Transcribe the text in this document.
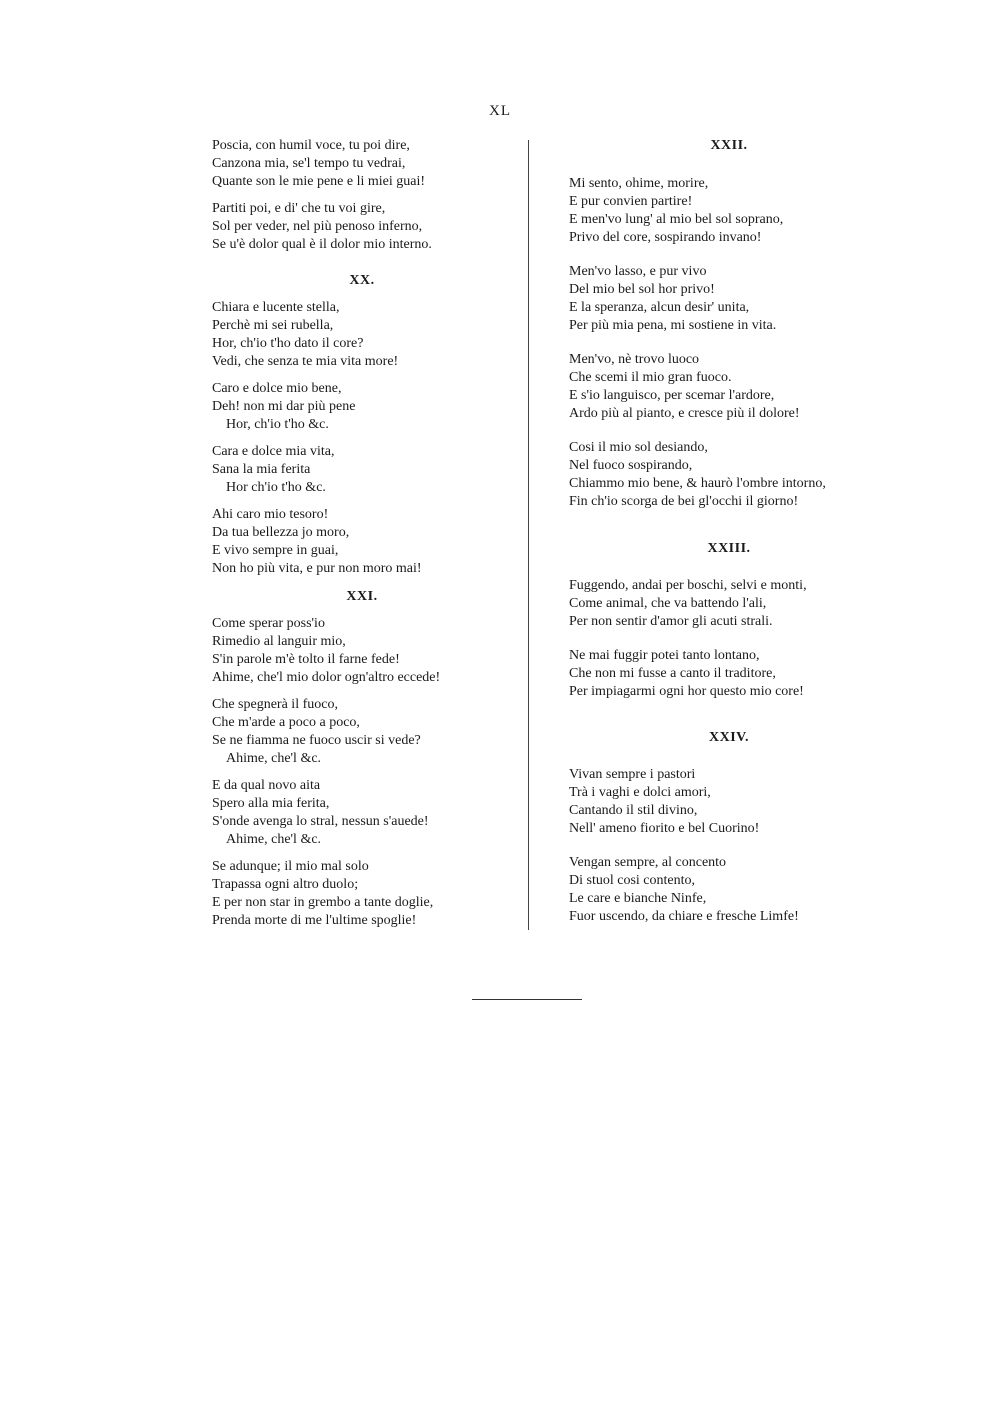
XL
Poscia, con humil voce, tu poi dire,
Canzona mia, se'l tempo tu vedrai,
Quante son le mie pene e li miei guai!
Partiti poi, e di' che tu voi gire,
Sol per veder, nel più penoso inferno,
Se u'è dolor qual è il dolor mio interno.
XX.
Chiara e lucente stella,
Perchè mi sei rubella,
Hor, ch'io t'ho dato il core?
Vedi, che senza te mia vita more!
Caro e dolce mio bene,
Deh! non mi dar più pene
Hor, ch'io t'ho &c.
Cara e dolce mia vita,
Sana la mia ferita
Hor ch'io t'ho &c.
Ahi caro mio tesoro!
Da tua bellezza jo moro,
E vivo sempre in guai,
Non ho più vita, e pur non moro mai!
XXI.
Come sperar poss'io
Rimedio al languir mio,
S'in parole m'è tolto il farne fede!
Ahime, che'l mio dolor ogn'altro eccede!
Che spegnerà il fuoco,
Che m'arde a poco a poco,
Se ne fiamma ne fuoco uscir si vede?
Ahime, che'l &c.
E da qual novo aita
Spero alla mia ferita,
S'onde avenga lo stral, nessun s'auede!
Ahime, che'l &c.
Se adunque; il mio mal solo
Trapassa ogni altro duolo;
E per non star in grembo a tante doglie,
Prenda morte di me l'ultime spoglie!
XXII.
Mi sento, ohime, morire,
E pur convien partire!
E men'vo lung' al mio bel sol soprano,
Privo del core, sospirando invano!
Men'vo lasso, e pur vivo
Del mio bel sol hor privo!
E la speranza, alcun desir' unita,
Per più mia pena, mi sostiene in vita.
Men'vo, nè trovo luoco
Che scemi il mio gran fuoco.
E s'io languisco, per scemar l'ardore,
Ardo più al pianto, e cresce più il dolore!
Cosi il mio sol desiando,
Nel fuoco sospirando,
Chiammo mio bene, & haurò l'ombre intorno,
Fin ch'io scorga de bei gl'occhi il giorno!
XXIII.
Fuggendo, andai per boschi, selvi e monti,
Come animal, che va battendo l'ali,
Per non sentir d'amor gli acuti strali.
Ne mai fuggir potei tanto lontano,
Che non mi fusse a canto il traditore,
Per impiagarmi ogni hor questo mio core!
XXIV.
Vivan sempre i pastori
Trà i vaghi e dolci amori,
Cantando il stil divino,
Nell' ameno fiorito e bel Cuorino!
Vengan sempre, al concento
Di stuol cosi contento,
Le care e bianche Ninfe,
Fuor uscendo, da chiare e fresche Limfe!
